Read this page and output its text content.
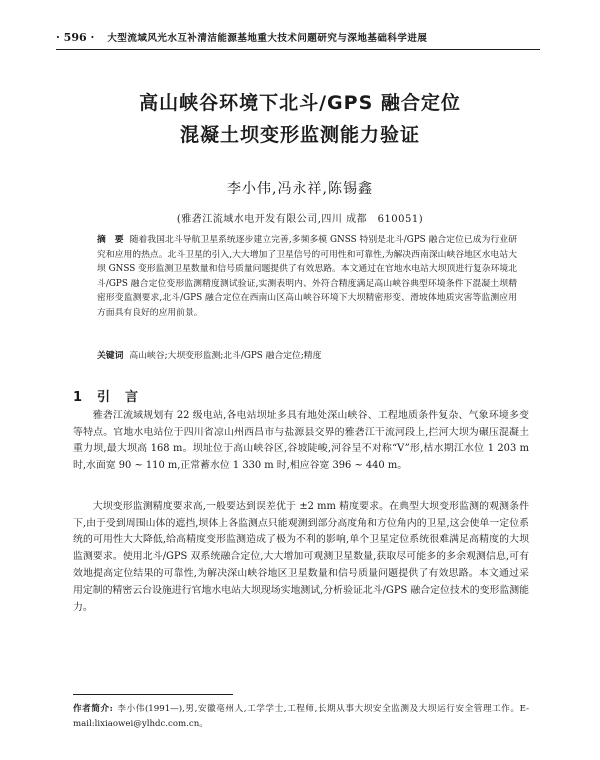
· 596 · 大型流域风光水互补清洁能源基地重大技术问题研究与深地基础科学进展
高山峡谷环境下北斗/GPS 融合定位
混凝土坝变形监测能力验证
李小伟,冯永祥,陈锡鑫
(雅砻江流域水电开发有限公司,四川 成都　610051)
摘　要 随着我国北斗导航卫星系统逐步建立完善,多频多模 GNSS 特别是北斗/GPS 融合定位已成为行业研究和应用的热点。北斗卫星的引入,大大增加了卫星信号的可用性和可靠性,为解决西南深山峡谷地区水电站大坝 GNSS 变形监测卫星数量和信号质量问题提供了有效思路。本文通过在官地水电站大坝顶进行复杂环境北斗/GPS 融合定位变形监测精度测试验证,实测表明内、外符合精度满足高山峡谷典型环境条件下混凝土坝精密形变监测要求,北斗/GPS 融合定位在西南山区高山峡谷环境下大坝精密形变、滑坡体地质灾害等监测应用方面具有良好的应用前景。
关键词 高山峡谷;大坝变形监测;北斗/GPS 融合定位;精度
1 引　言

雅砻江流域规划有 22 级电站,各电站坝址多具有地处深山峡谷、工程地质条件复杂、气象环境多变等特点。官地水电站位于四川省凉山州西昌市与盐源县交界的雅砻江干流河段上,拦河大坝为碾压混凝土重力坝,最大坝高 168 m。坝址位于高山峡谷区,谷坡陡峻,河谷呈不对称“V”形,枯水期江水位 1 203 m 时,水面宽 90 ~ 110 m,正常蓄水位 1 330 m 时,相应谷宽 396 ~ 440 m。

大坝变形监测精度要求高,一般要达到误差优于 ±2 mm 精度要求。在典型大坝变形监测的观测条件下,由于受到周围山体的遮挡,坝体上各监测点只能观测到部分高度角和方位角内的卫星,这会使单一定位系统的可用性大大降低,给高精度变形监测造成了极为不利的影响,单个卫星定位系统很难满足高精度的大坝监测要求。使用北斗/GPS 双系统融合定位,大大增加可观测卫星数量,获取尽可能多的多余观测信息,可有效地提高定位结果的可靠性,为解决深山峡谷地区卫星数量和信号质量问题提供了有效思路。本文通过采用定制的精密云台设施进行官地水电站大坝现场实地测试,分析验证北斗/GPS 融合定位技术的变形监测能力。

作者简介: 李小伟(1991—),男,安徽亳州人,工学学士,工程师,长期从事大坝安全监测及大坝运行安全管理工作。E-mail:lixiaowei@ylhdc.com.cn。
